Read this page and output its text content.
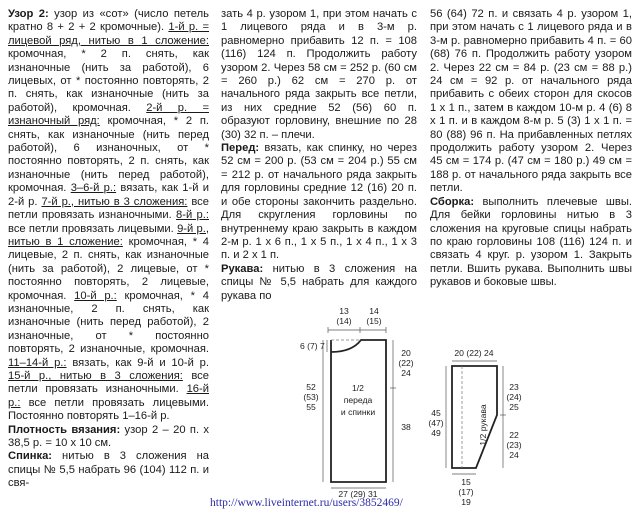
Узор 2: узор из «сот» (число петель кратно 8 + 2 + 2 кромочные). 1-й р. = лицевой ряд, нитью в 1 сложение: кромочная, * 2 п. снять, как изнаночные (нить за работой), 6 лицевых, от * постоянно повторять, 2 п. снять, как изнаночные (нить за работой), кромочная. 2-й р. = изнаночный ряд: кромочная, * 2 п. снять, как изнаночные (нить перед работой), 6 изнаночных, от * постоянно повторять, 2 п. снять, как изнаночные (нить перед работой), кромочная. 3–6-й р.: вязать, как 1-й и 2-й р. 7-й р., нитью в 3 сложения: все петли провязать изнаночными. 8-й р.: все петли провязать лицевыми. 9-й р., нитью в 1 сложение: кромочная, * 4 лицевые, 2 п. снять, как изнаночные (нить за работой), 2 лицевые, от * постоянно повторять, 2 лицевые, кромочная. 10-й р.: кромочная, * 4 изнаночные, 2 п. снять, как изнаночные (нить перед работой), 2 изнаночные, от * постоянно повторять, 2 изнаночные, кромочная. 11–14-й р.: вязать, как 9-й и 10-й р. 15-й р., нитью в 3 сложения: все петли провязать изнаночными. 16-й р.: все петли провязать лицевыми. Постоянно повторять 1–16-й р.

Плотность вязания: узор 2 – 20 п. х 38,5 р. = 10 х 10 см.

Спинка: нитью в 3 сложения на спицы № 5,5 набрать 96 (104) 112 п. и свя-

зать 4 р. узором 1, при этом начать с 1 лицевого ряда и в 3-м р. равномерно прибавить 12 п. = 108 (116) 124 п. Продолжить работу узором 2. Через 58 см = 252 р. (60 см = 260 р.) 62 см = 270 р. от начального ряда закрыть все петли, из них средние 52 (56) 60 п. образуют горловину, внешние по 28 (30) 32 п. – плечи.

Перед: вязать, как спинку, но через 52 см = 200 р. (53 см = 204 р.) 55 см = 212 р. от начального ряда закрыть для горловины средние 12 (16) 20 п. и обе стороны закончить раздельно. Для скругления горловины по внутреннему краю закрыть в каждом 2-м р. 1 х 6 п., 1 х 5 п., 1 х 4 п., 1 х 3 п. и 2 х 1 п.

Рукава: нитью в 3 сложения на спицы № 5,5 набрать для каждого рукава по

56 (64) 72 п. и связать 4 р. узором 1, при этом начать с 1 лицевого ряда и в 3-м р. равномерно прибавить 4 п. = 60 (68) 76 п. Продолжить работу узором 2. Через 22 см = 84 р. (23 см = 88 р.) 24 см = 92 р. от начального ряда прибавить с обеих сторон для скосов 1 х 1 п., затем в каждом 10-м р. 4 (6) 8 х 1 п. и в каждом 8-м р. 5 (3) 1 х 1 п. = 80 (88) 96 п. На прибавленных петлях продолжить работу узором 2. Через 45 см = 174 р. (47 см = 180 р.) 49 см = 188 р. от начального ряда закрыть все петли.

Сборка: выполнить плечевые швы. Для бейки горловины нитью в 3 сложения на круговые спицы набрать по краю горловины 108 (116) 124 п. и связать 4 круг. р. узором 1. Закрыть петли. Вшить рукава. Выполнить швы рукавов и боковые швы.

13
(14)
14
(15)
6 (7) 7
52
(53)
55
20
(22)
24
38
1/2
переда
и спинки
27 (29) 31
20 (22) 24
1/2 рукава
45
(47)
49
23
(24)
25
22
(23)
24
15
(17)
19
http://www.liveinternet.ru/users/3852469/
